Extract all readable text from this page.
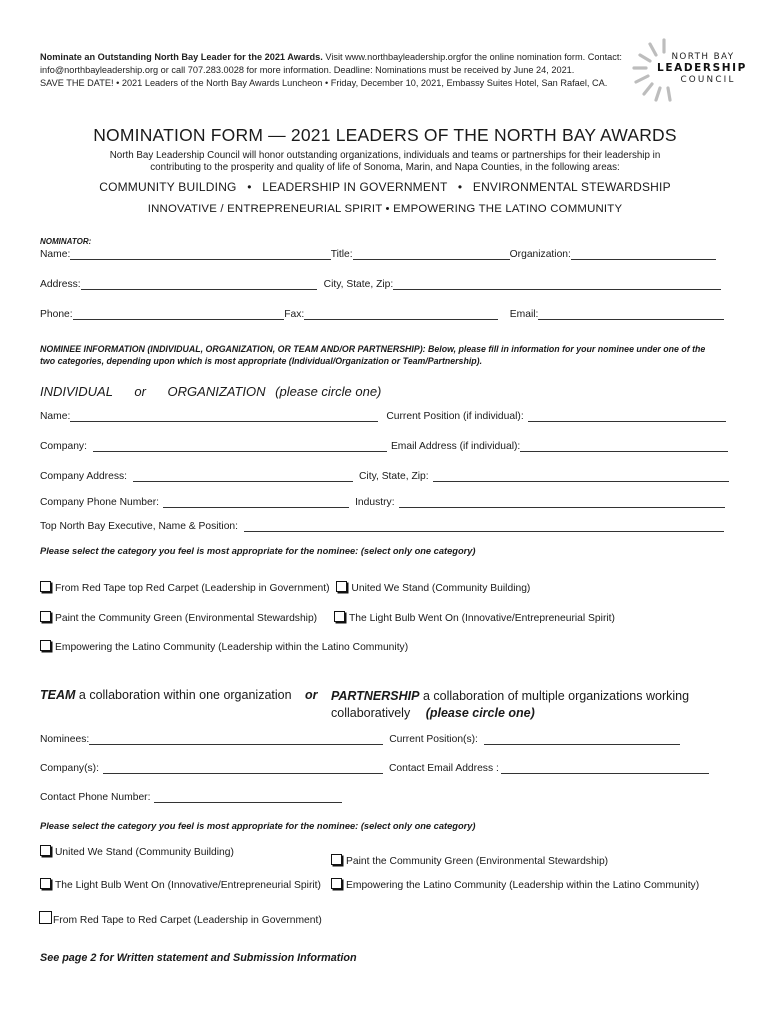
Nominate an Outstanding North Bay Leader for the 2021 Awards. Visit www.northbayleadership.orgfor the online nomination form. Contact:
info@northbayleadership.org or call 707.283.0028 for more information. Deadline: Nominations must be received by June 24, 2021.
SAVE THE DATE! • 2021 Leaders of the North Bay Awards Luncheon • Friday, December 10, 2021, Embassy Suites Hotel, San Rafael, CA.
NORTH BAY
LEADERSHIP
COUNCIL
NOMINATION FORM — 2021 LEADERS OF THE NORTH BAY AWARDS
North Bay Leadership Council will honor outstanding organizations, individuals and teams or partnerships for their leadership in
contributing to the prosperity and quality of life of Sonoma, Marin, and Napa Counties, in the following areas:
COMMUNITY BUILDING   •   LEADERSHIP IN GOVERNMENT   •   ENVIRONMENTAL STEWARDSHIP
INNOVATIVE / ENTREPRENEURIAL SPIRIT • EMPOWERING THE LATINO COMMUNITY
NOMINATOR:
Name:	Title:	Organization:
Address:	City, State, Zip:
Phone:	Fax:	Email:
NOMINEE INFORMATION (INDIVIDUAL, ORGANIZATION, OR TEAM AND/OR PARTNERSHIP): Below, please fill in information for your nominee under one of the
two categories, depending upon which is most appropriate (Individual/Organization or Team/Partnership).
INDIVIDUAL or ORGANIZATION (please circle one)
Name:	Current Position (if individual):
Company:	Email Address (if individual):
Company Address:	City, State, Zip:
Company Phone Number:	Industry:
Top North Bay Executive, Name & Position:
Please select the category you feel is most appropriate for the nominee: (select only one category)
From Red Tape top Red Carpet (Leadership in Government) United We Stand (Community Building)
Paint the Community Green (Environmental Stewardship)	The Light Bulb Went On (Innovative/Entrepreneurial Spirit)
Empowering the Latino Community (Leadership within the Latino Community)
TEAM a collaboration within one organization or PARTNERSHIP a collaboration of multiple organizations working
collaboratively (please circle one)
Nominees:	Current Position(s):
Company(s):	Contact Email Address :
Contact Phone Number:
Please select the category you feel is most appropriate for the nominee: (select only one category)
United We Stand (Community Building)
Paint the Community Green (Environmental Stewardship)
The Light Bulb Went On (Innovative/Entrepreneurial Spirit)	Empowering the Latino Community (Leadership within the Latino Community)
From Red Tape to Red Carpet (Leadership in Government)
See page 2 for Written statement and Submission Information
